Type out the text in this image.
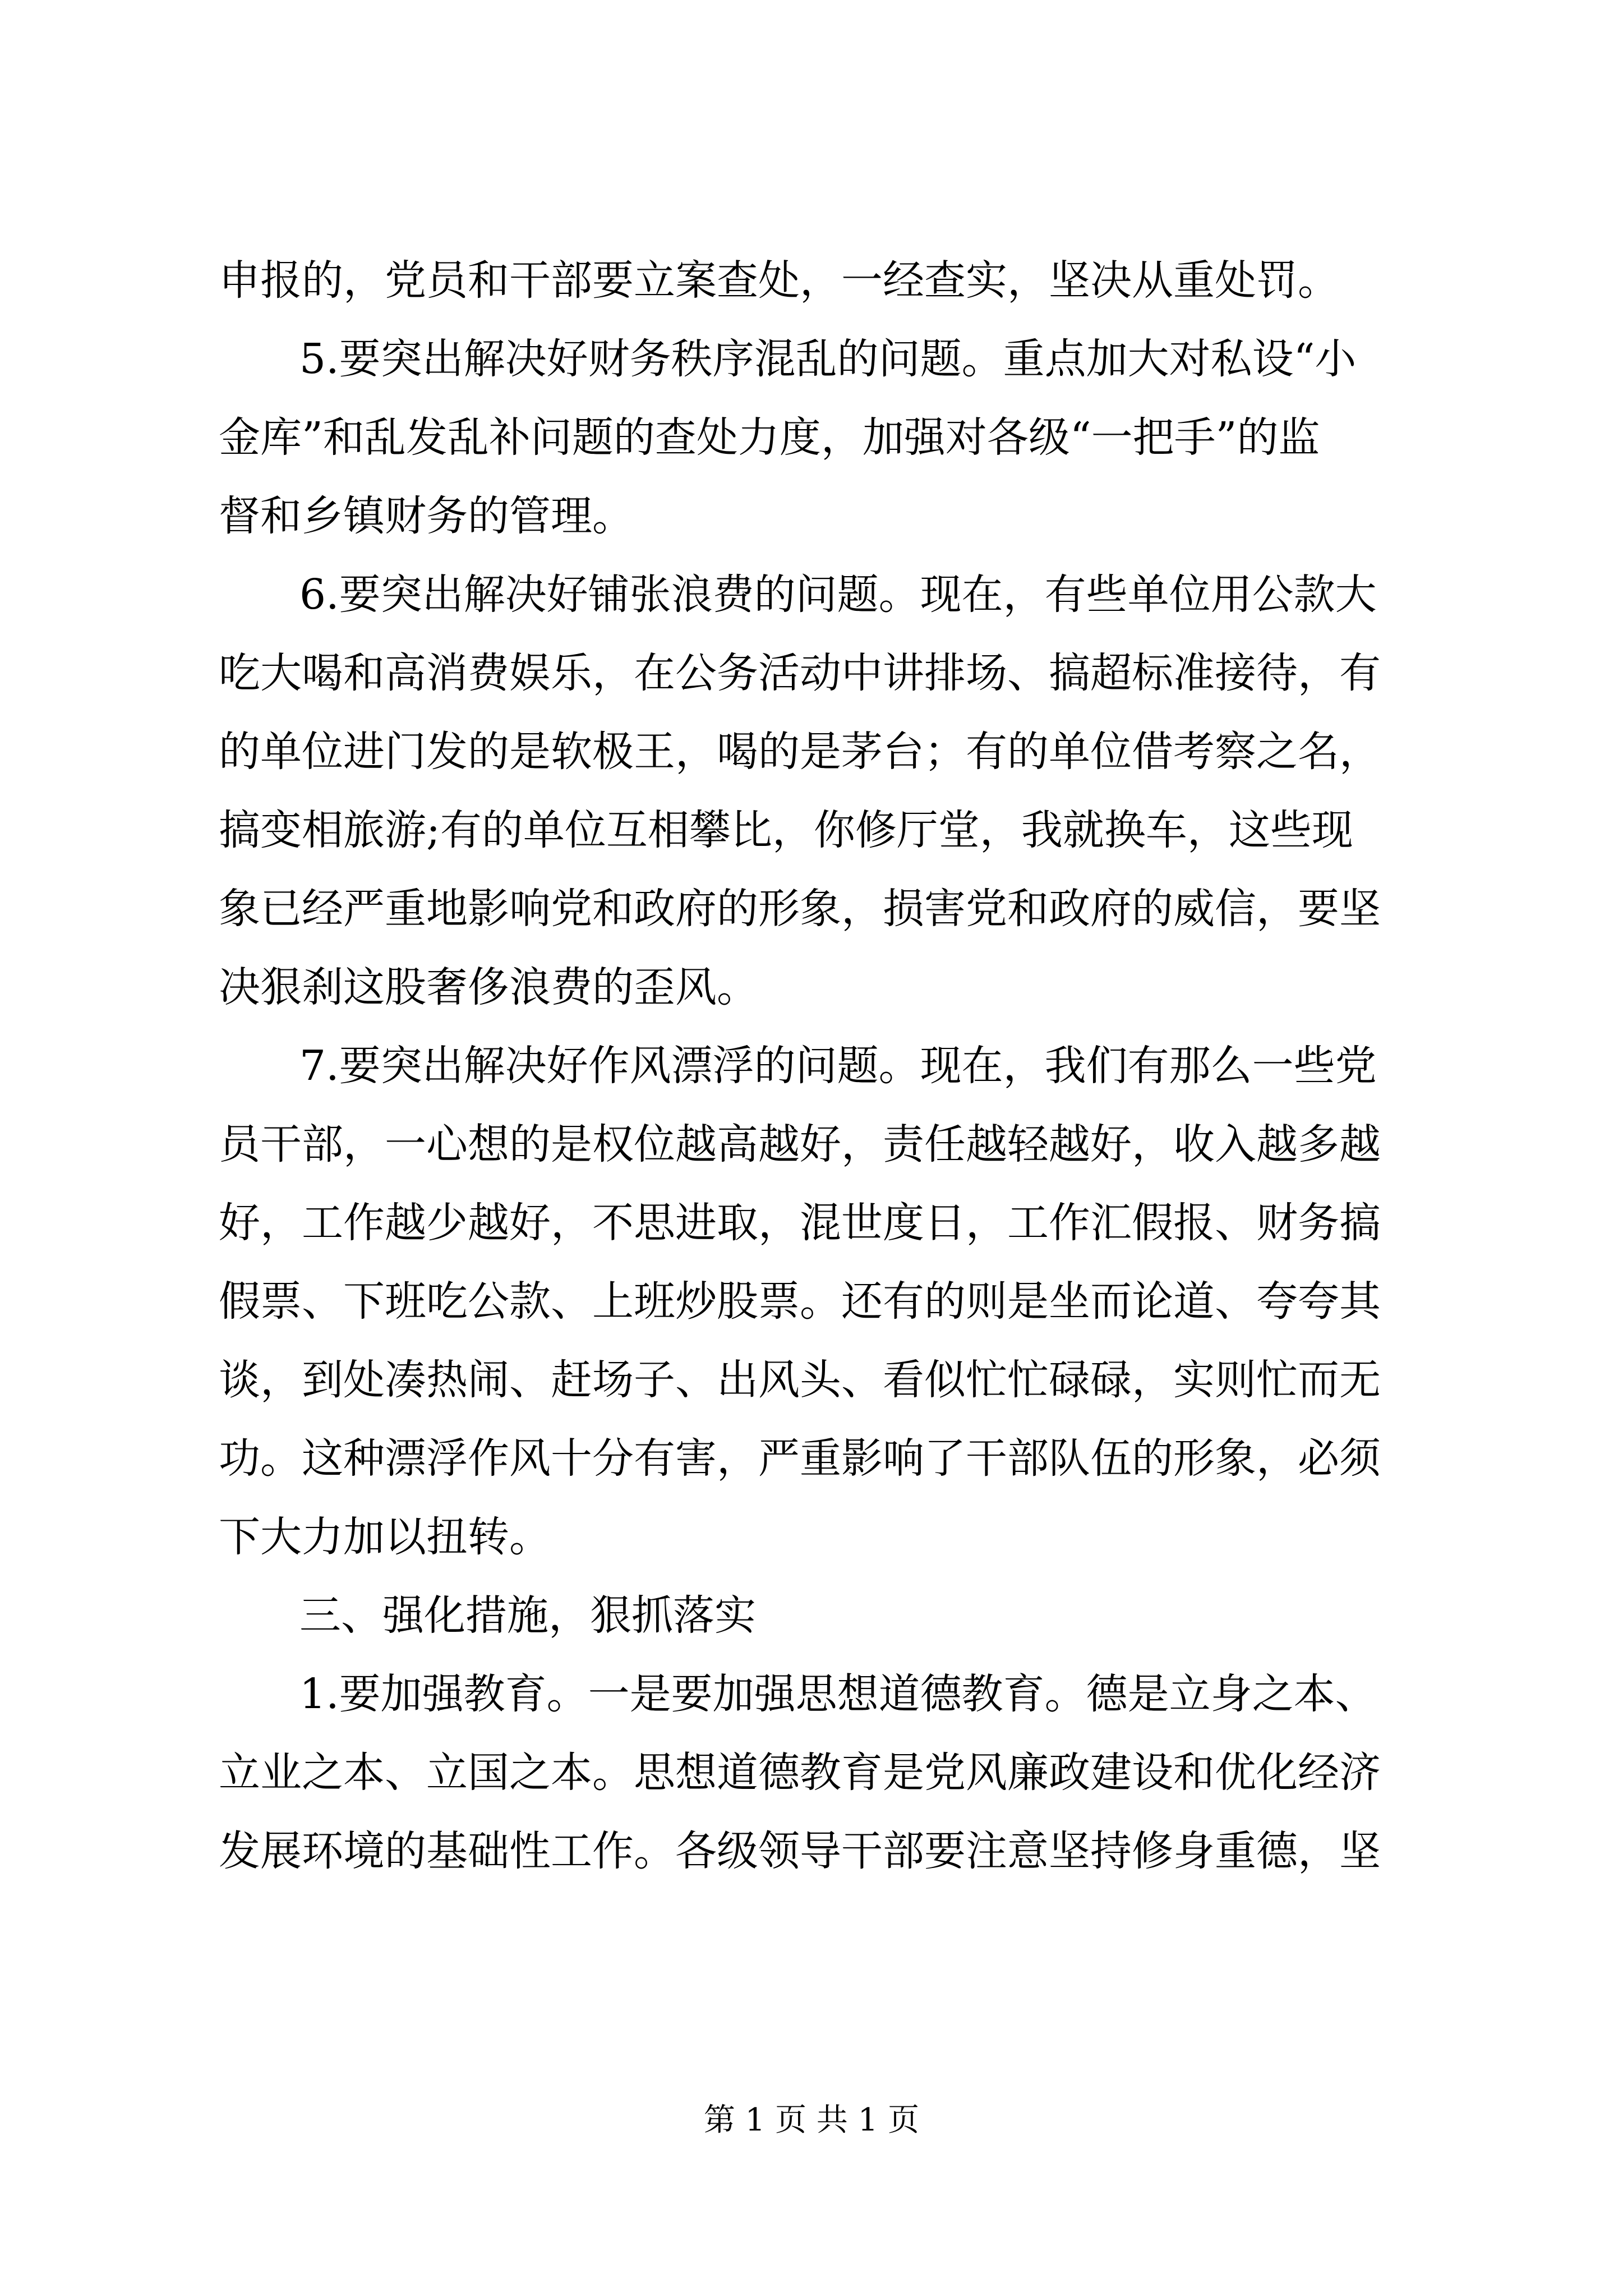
申报的，党员和干部要立案查处，一经查实，坚决从重处罚。
5.要突出解决好财务秩序混乱的问题。重点加大对私设“小
金库”和乱发乱补问题的查处力度，加强对各级“一把手”的监
督和乡镇财务的管理。
6.要突出解决好铺张浪费的问题。现在，有些单位用公款大
吃大喝和高消费娱乐，在公务活动中讲排场、搞超标准接待，有
的单位进门发的是软极王，喝的是茅台；有的单位借考察之名，
搞变相旅游;有的单位互相攀比，你修厅堂，我就换车，这些现
象已经严重地影响党和政府的形象，损害党和政府的威信，要坚
决狠刹这股奢侈浪费的歪风。
7.要突出解决好作风漂浮的问题。现在，我们有那么一些党
员干部，一心想的是权位越高越好，责任越轻越好，收入越多越
好，工作越少越好，不思进取，混世度日，工作汇假报、财务搞
假票、下班吃公款、上班炒股票。还有的则是坐而论道、夸夸其
谈，到处凑热闹、赶场子、出风头、看似忙忙碌碌，实则忙而无
功。这种漂浮作风十分有害，严重影响了干部队伍的形象，必须
下大力加以扭转。
三、强化措施，狠抓落实
1.要加强教育。一是要加强思想道德教育。德是立身之本、
立业之本、立国之本。思想道德教育是党风廉政建设和优化经济
发展环境的基础性工作。各级领导干部要注意坚持修身重德，坚
第 1 页 共 1 页
